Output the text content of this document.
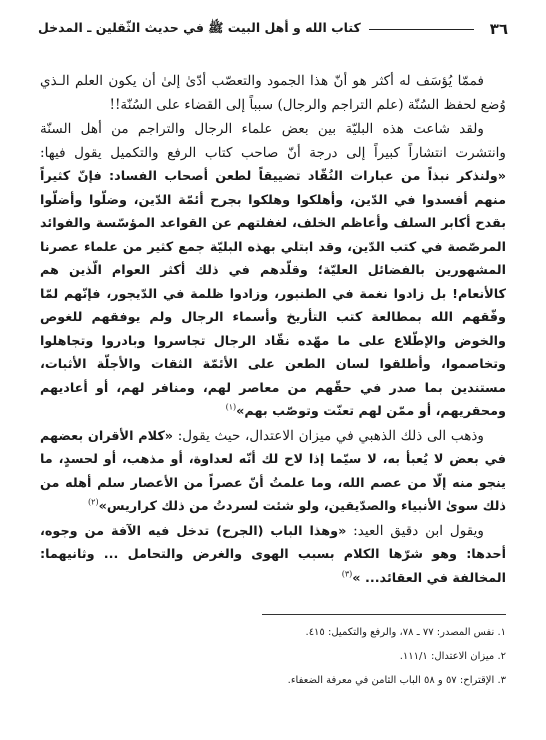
٣٦
كتاب الله و أهل البيت ﷺ في حديث الثّقلين ـ المدخل

فممّا يُؤسَف له أكثر هو أنّ هذا الجمود والتعصّب أدّىٰ إلىٰ أن يكون العلم الـذي وُضع لحفظ السُنّة (علم التراجم والرجال) سبباً إلى القضاء على السُنّة!!

ولقد شاعت هذه البليّة بين بعض علماء الرجال والتراجم من أهل السنّة وانتشرت انتشاراً كبيراً إلى درجة أنّ صاحب كتاب الرفع والتكميل يقول فيها: «ولنذكر نبذاً من عبارات النُقّاد تضييقاً لطعن أصحاب الفساد: فإنّ كثيراً منهم أفسدوا في الدّين، وأهلكوا وهلكوا بجرح أئمّة الدّين، وضلّوا وأضلّوا بقدح أكابر السلف وأعاظم الخلف، لغفلتهم عن القواعد المؤسّسة والفوائد المرصّصة في كتب الدّين، وقد ابتلي بهذه البليّة جمع كثير من علماء عصرنا المشهورين بالفضائل العليّة؛ وقلّدهم في ذلك أكثر العوام الّذين هم كالأنعام! بل زادوا نغمة في الطنبور، وزادوا ظلمة في الدّيجور، فإنّهم لمّا وفّقهم الله بمطالعة كتب التأريخ وأسماء الرجال ولم يوفقهم للغوص والخوض والإطّلاع على ما مهّده نقّاد الرجال تجاسروا وبادروا وتجاهلوا وتخاصموا، وأطلقوا لسان الطعن على الأئمّة الثقات والأجلّة الأثبات، مستندين بما صدر في حقّهم من معاصر لهم، ومنافر لهم، أو أعاديهم ومحقريهم، أو ممّن لهم تعنّت وتوصّب بهم»$^{(١)}$

وذهب الى ذلك الذهبي في ميزان الاعتدال، حيث يقول: «كلام الأقران بعضهم في بعض لا يُعبأ به، لا سيّما إذا لاح لك أنّه لعداوة، أو مذهب، أو لحسدٍ، ما ينجو منه إلّا من عصم الله، وما علمتُ أنّ عصراً من الأعصار سلم أهله من ذلك سوىٰ الأنبياء والصدّيقين، ولو شئت لسردتُ من ذلك كراريس»$^{(٢)}$

ويقول ابن دقيق العيد: «وهذا الباب (الجرح) تدخل فيه الآفة من وجوه، أحدها: وهو شرّها الكلام بسبب الهوى والغرض والتحامل ... وثانيهما: المخالفة في العقائد... »$^{(٣)}$

١. نفس المصدر: ٧٧ ـ ٧٨، والرفع والتكميل: ٤١٥.
٢. ميزان الاعتدال: ١١١/١.
٣. الإقتراح: ٥٧ و ٥٨ الباب الثامن في معرفة الضعفاء.
